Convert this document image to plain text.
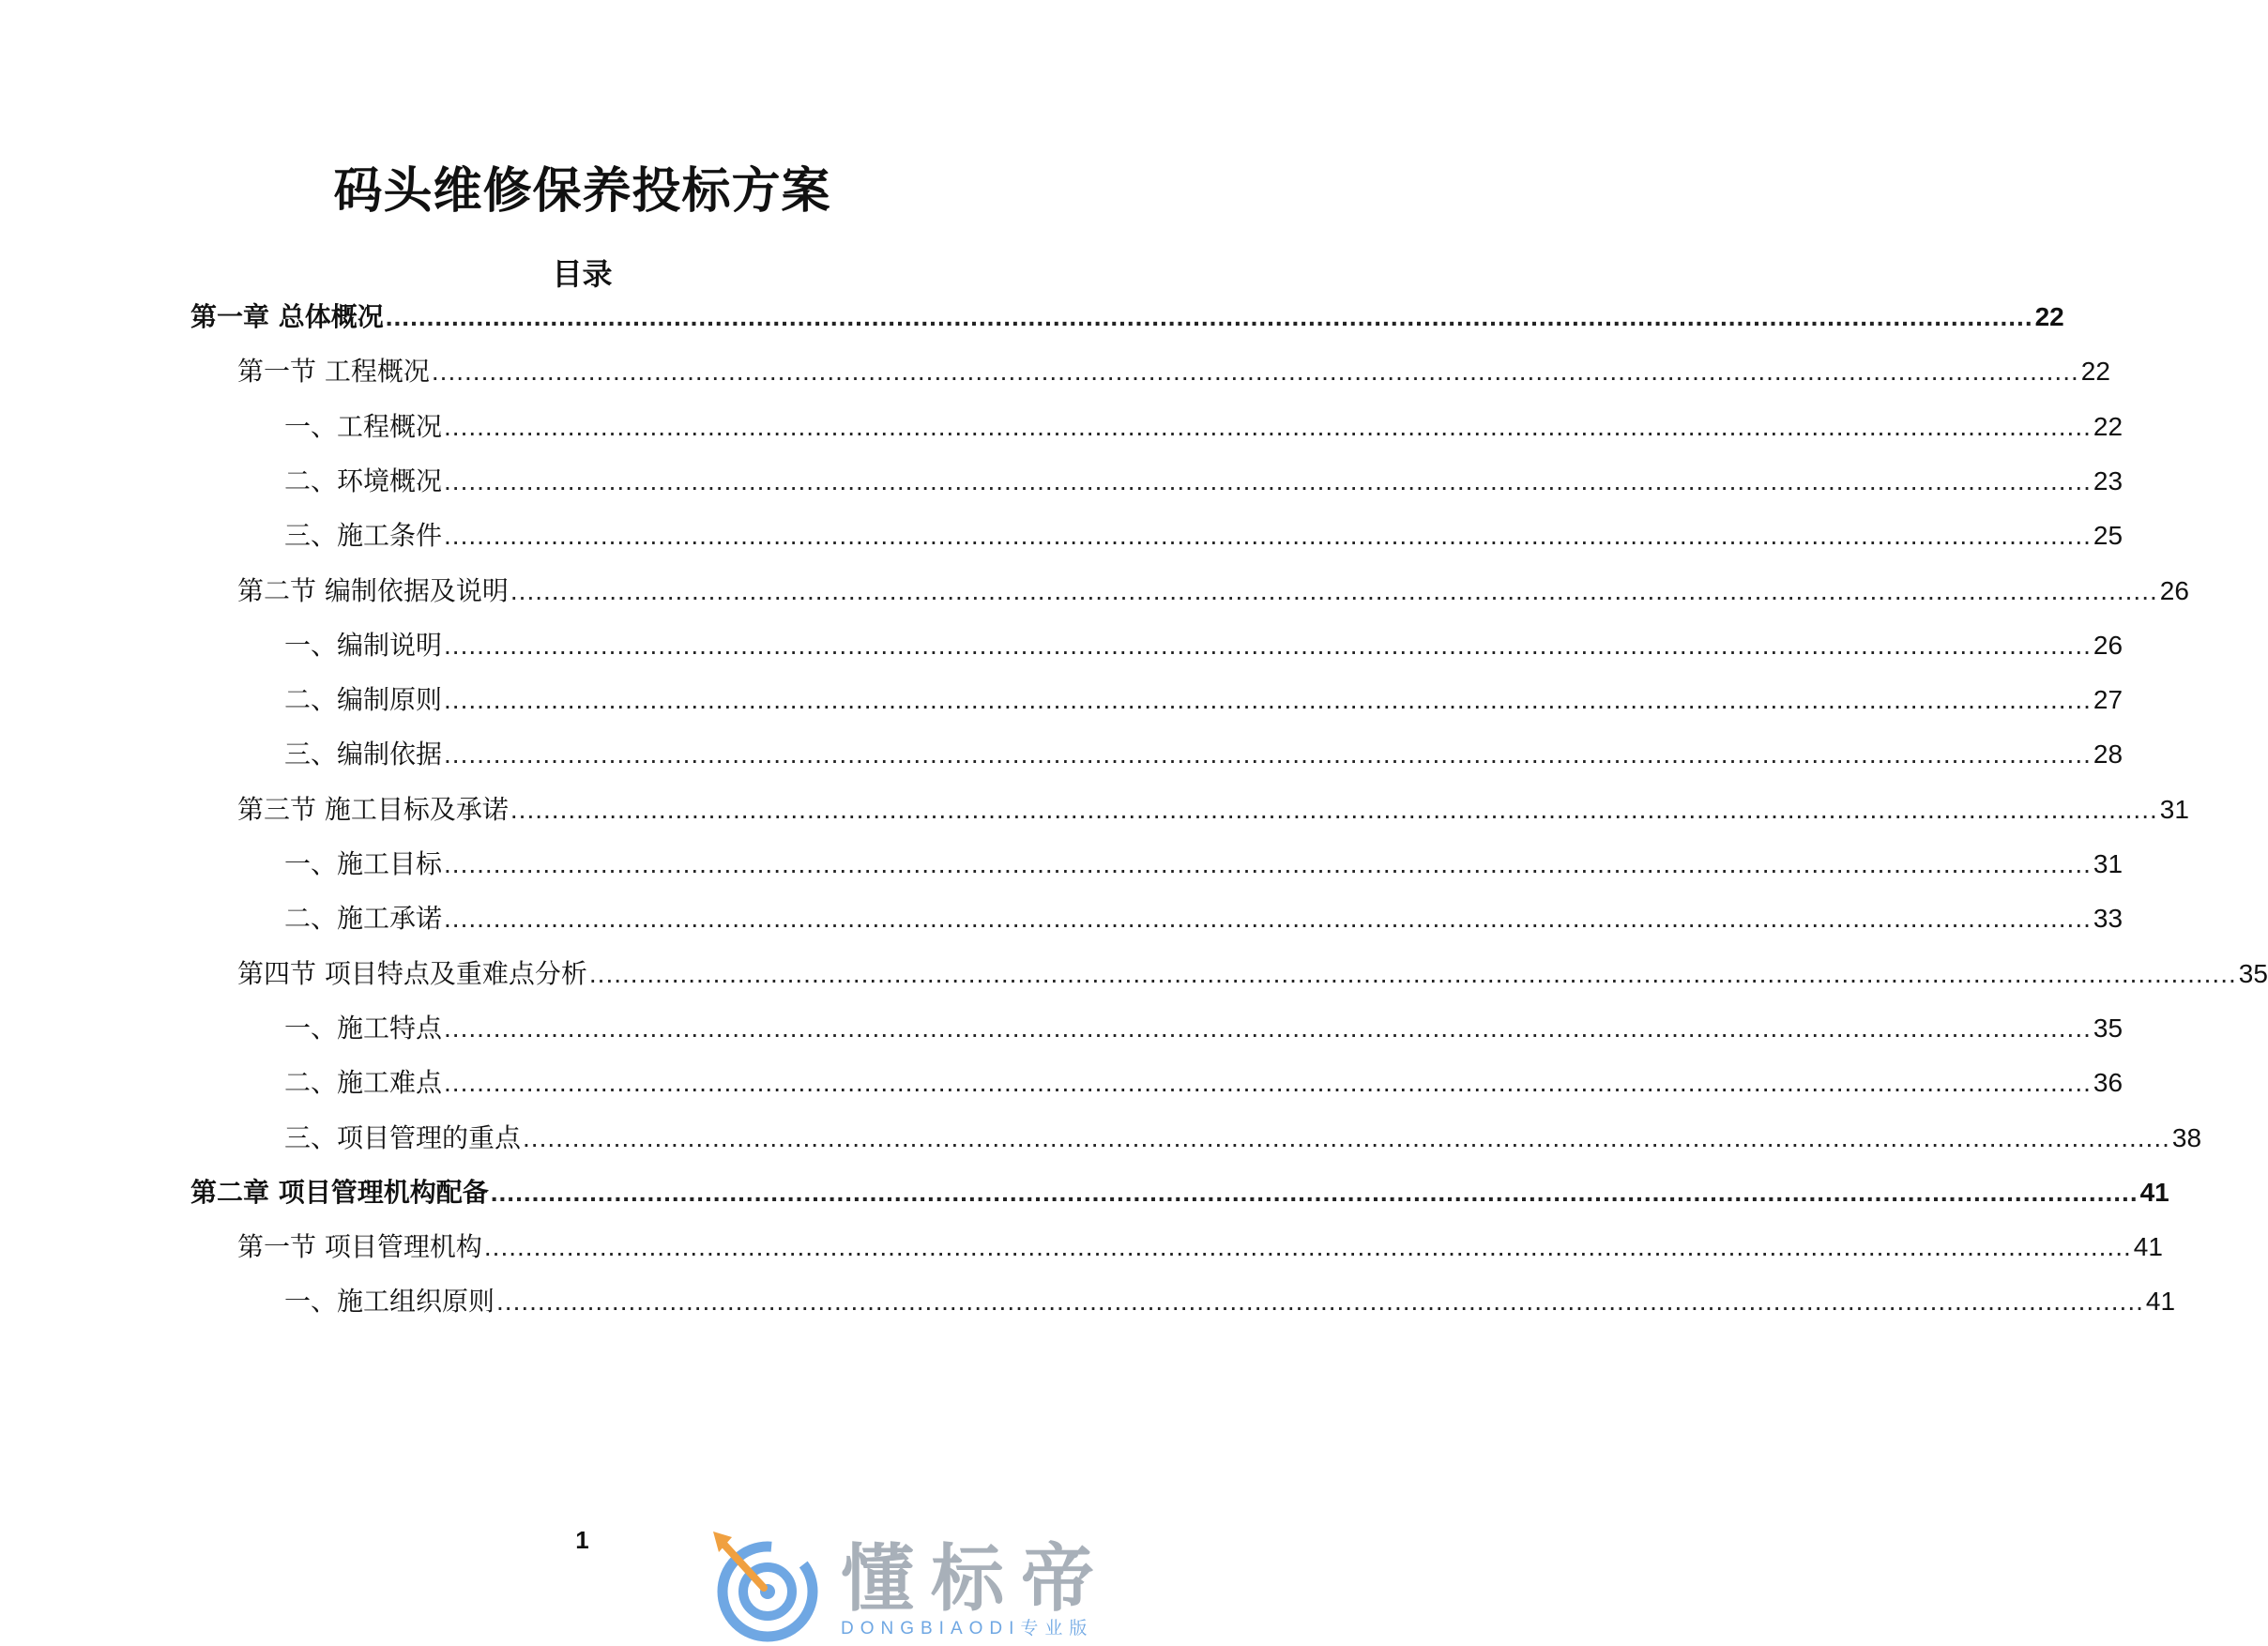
码头维修保养投标方案
目录
第一章 总体概况 ........................................................................................................................................................................................................ 22
第一节 工程概况 ........................................................................................................................................................................................................ 22
一、工程概况 ........................................................................................................................................................................................................ 22
二、环境概况 ........................................................................................................................................................................................................ 23
三、施工条件 ........................................................................................................................................................................................................ 25
第二节 编制依据及说明 ........................................................................................................................................................................................................ 26
一、编制说明 ........................................................................................................................................................................................................ 26
二、编制原则 ........................................................................................................................................................................................................ 27
三、编制依据 ........................................................................................................................................................................................................ 28
第三节 施工目标及承诺 ........................................................................................................................................................................................................ 31
一、施工目标 ........................................................................................................................................................................................................ 31
二、施工承诺 ........................................................................................................................................................................................................ 33
第四节 项目特点及重难点分析 ........................................................................................................................................................................................................ 35
一、施工特点 ........................................................................................................................................................................................................ 35
二、施工难点 ........................................................................................................................................................................................................ 36
三、项目管理的重点 ........................................................................................................................................................................................................ 38
第二章 项目管理机构配备 ........................................................................................................................................................................................................ 41
第一节 项目管理机构 ........................................................................................................................................................................................................ 41
一、施工组织原则 ........................................................................................................................................................................................................ 41
1	懂标帝
DONGBIAODI专业版
